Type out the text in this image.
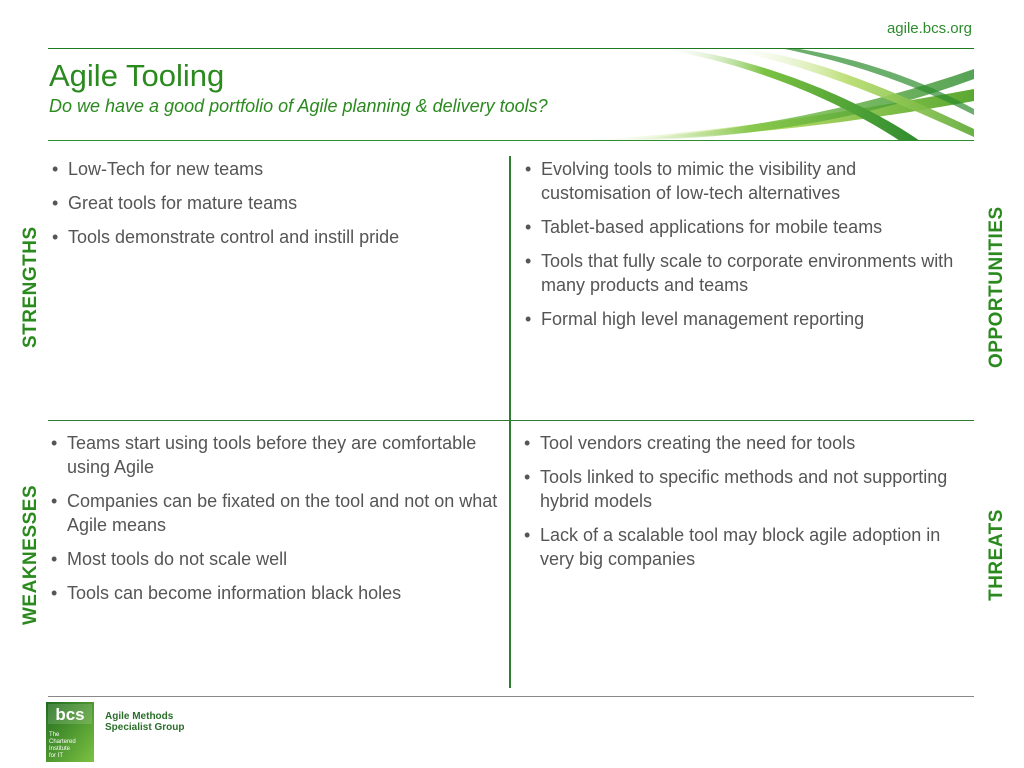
agile.bcs.org
Agile Tooling
Do we have a good portfolio of Agile planning & delivery tools?
STRENGTHS
WEAKNESSES
OPPORTUNITIES
THREATS
• Low-Tech for new teams
• Great tools for mature teams
• Tools demonstrate control and instill pride
• Evolving tools to mimic the visibility and customisation of low-tech alternatives
• Tablet-based applications for mobile teams
• Tools that fully scale to corporate environments with many products and teams
• Formal high level management reporting
• Teams start using tools before they are comfortable using Agile
• Companies can be fixated on the tool and not on what Agile means
• Most tools do not scale well
• Tools can become information black holes
• Tool vendors creating the need for tools
• Tools linked to specific methods and not supporting hybrid models
• Lack of a scalable tool may block agile adoption in very big companies
bcs
The
Chartered
Institute
for IT
Agile Methods
Specialist Group
